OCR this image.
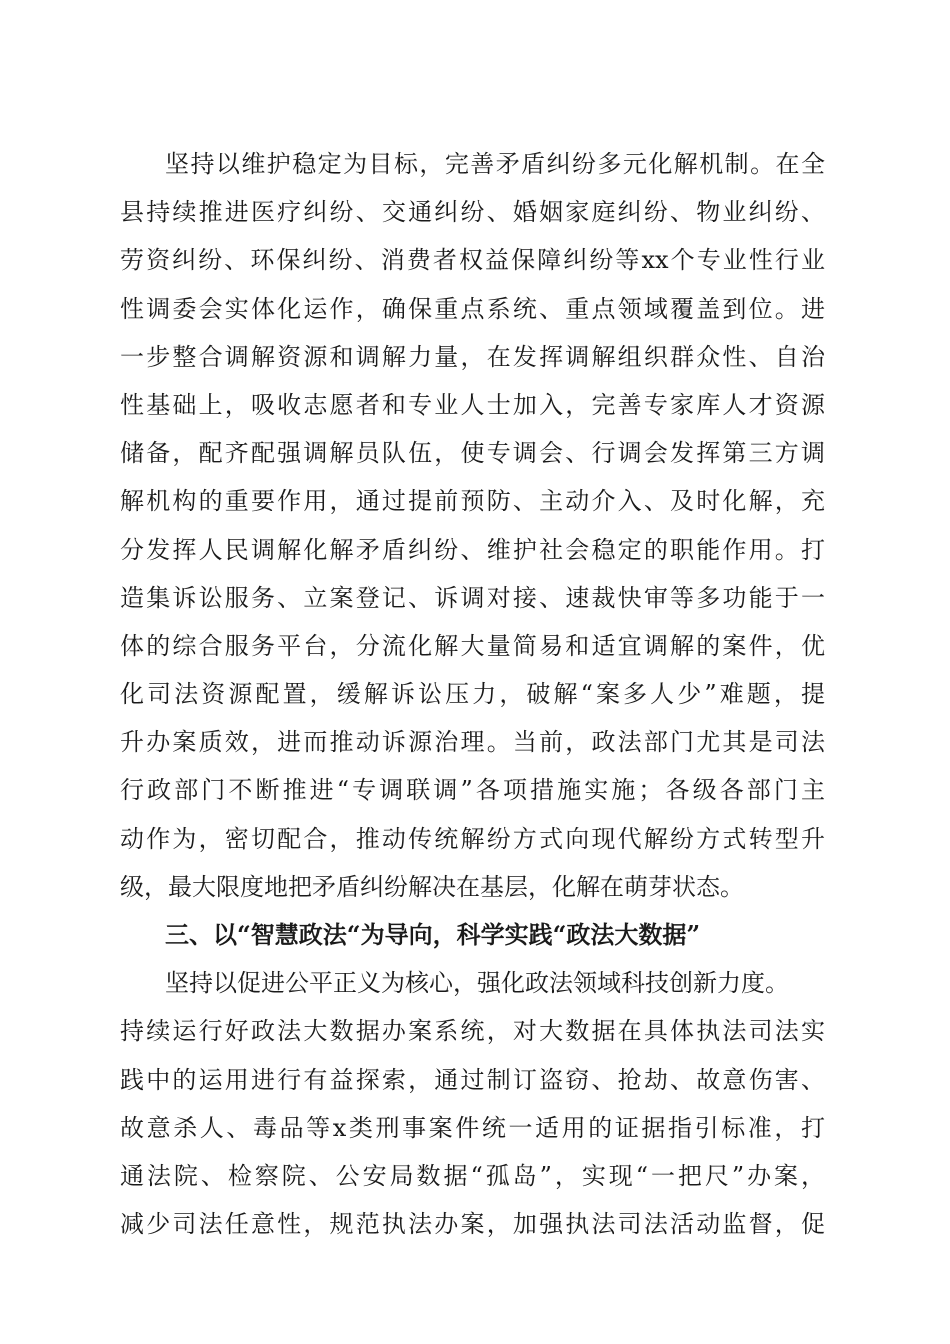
坚持以维护稳定为目标，完善矛盾纠纷多元化解机制。在全
县持续推进医疗纠纷、交通纠纷、婚姻家庭纠纷、物业纠纷、
劳资纠纷、环保纠纷、消费者权益保障纠纷等xx个专业性行业
性调委会实体化运作，确保重点系统、重点领域覆盖到位。进
一步整合调解资源和调解力量，在发挥调解组织群众性、自治
性基础上，吸收志愿者和专业人士加入，完善专家库人才资源
储备，配齐配强调解员队伍，使专调会、行调会发挥第三方调
解机构的重要作用，通过提前预防、主动介入、及时化解，充
分发挥人民调解化解矛盾纠纷、维护社会稳定的职能作用。打
造集诉讼服务、立案登记、诉调对接、速裁快审等多功能于一
体的综合服务平台，分流化解大量简易和适宜调解的案件，优
化司法资源配置，缓解诉讼压力，破解“案多人少”难题，提
升办案质效，进而推动诉源治理。当前，政法部门尤其是司法
行政部门不断推进“专调联调”各项措施实施；各级各部门主
动作为，密切配合，推动传统解纷方式向现代解纷方式转型升
级，最大限度地把矛盾纠纷解决在基层，化解在萌芽状态。
三、以“智慧政法“为导向，科学实践“政法大数据”
坚持以促进公平正义为核心，强化政法领域科技创新力度。
持续运行好政法大数据办案系统，对大数据在具体执法司法实
践中的运用进行有益探索，通过制订盗窃、抢劫、故意伤害、
故意杀人、毒品等x类刑事案件统一适用的证据指引标准，打
通法院、检察院、公安局数据“孤岛”，实现“一把尺”办案，
减少司法任意性，规范执法办案，加强执法司法活动监督，促
